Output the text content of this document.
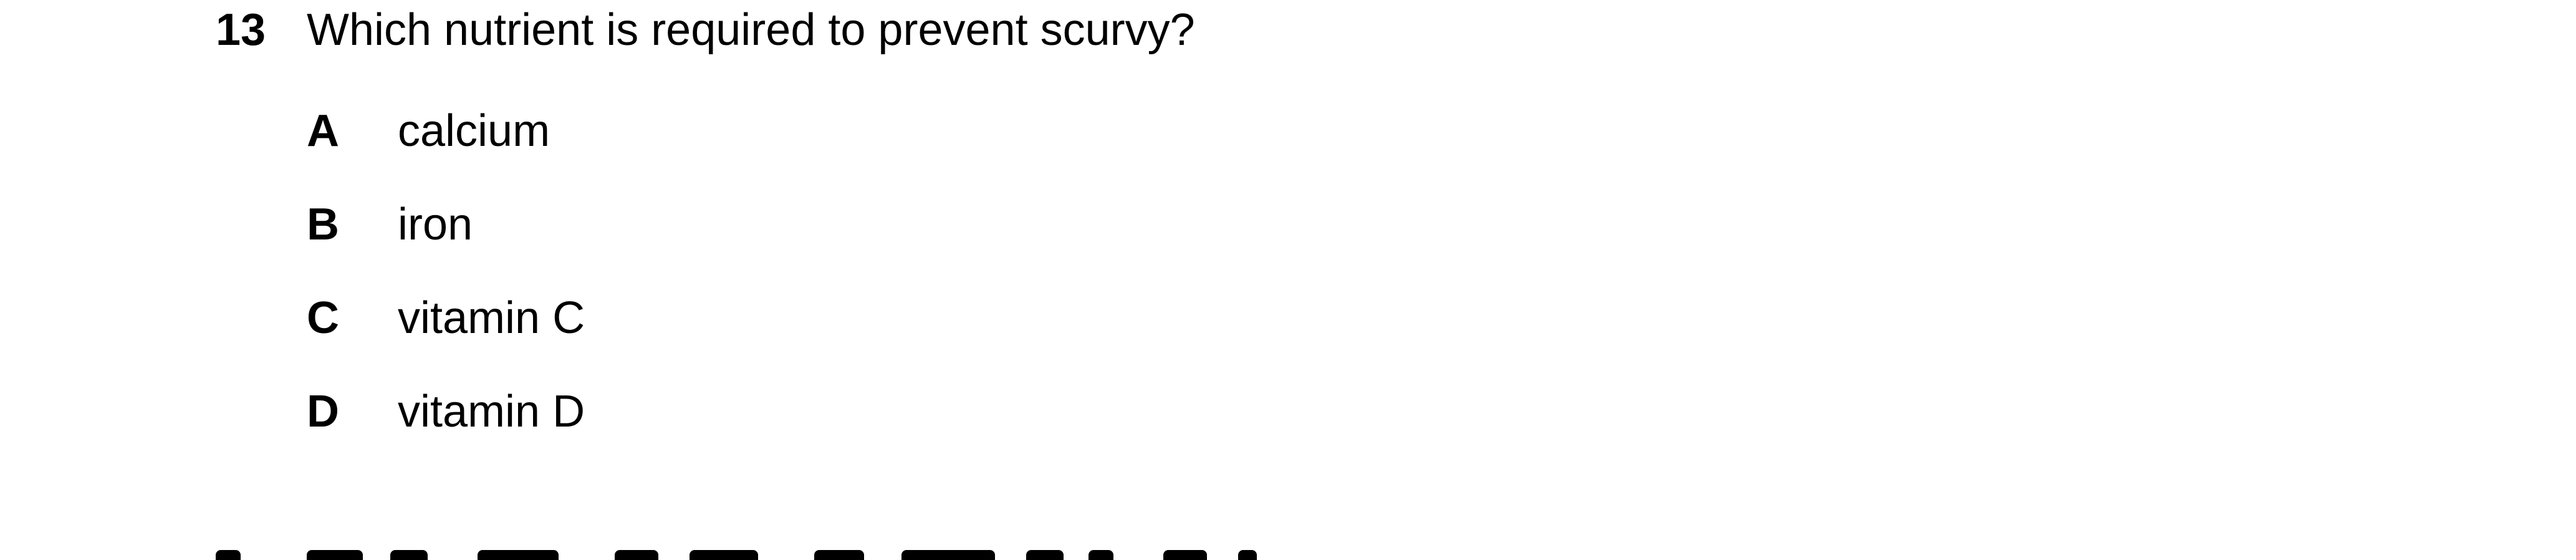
13 Which nutrient is required to prevent scurvy?
A calcium
B iron
C vitamin C
D vitamin D
